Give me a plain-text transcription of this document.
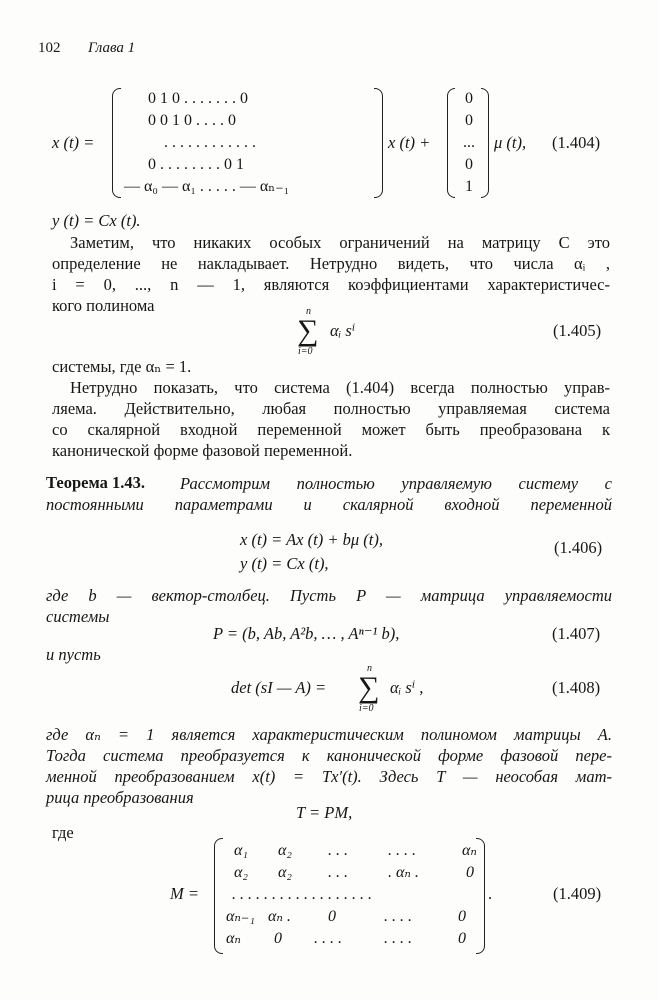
102 Глава 1
x (t) =
0 1 0 . . . . . . . 0
0 0 1 0 . . . . 0
. . . . . . . . . . . .
0 . . . . . . . . 0 1
— α₀ — α₁ . . . . . — αₙ₋₁
x (t) +
0
0
...
0
1
μ (t), (1.404)
y (t) = Cx (t).
Заметим, что никаких особых ограничений на матрицу C это
определение не накладывает. Нетрудно видеть, что числа αᵢ ,
i = 0, ..., n — 1, являются коэффициентами характеристичес-
кого полинома	n
∑
i=0
αᵢ sⁱ	(1.405)
системы, где αₙ = 1.
Нетрудно показать, что система (1.404) всегда полностью управ-
ляема. Действительно, любая полностью управляемая система
со скалярной входной переменной может быть преобразована к
канонической форме фазовой переменной.
Теорема 1.43.	Рассмотрим полностью управляемую систему с
постоянными параметрами и скалярной входной переменной
x (t) = Ax (t) + bμ (t),
y (t) = Cx (t),
(1.406)
где b — вектор-столбец. Пусть P — матрица управляемости
системы
P = (b, Ab, A²b, … , Aⁿ⁻¹ b),	(1.407)
и пусть
det (sI — A) =
n
∑
i=0
αᵢ sⁱ ,	(1.408)
где αₙ = 1 является характеристическим полиномом матрицы A.
Тогда система преобразуется к канонической форме фазовой пере-
менной преобразованием x(t) = Tx′(t). Здесь T — неособая мат-
рица преобразования
T = PM,
где
M =
α₁ α₂ . . .	. . . .	αₙ
α₂ α₂ . . .	. αₙ .	0
. . . . . . . . . . . . . . . . . .
αₙ₋₁ αₙ . 0	. . . .	0
αₙ 0 . . . .	. . . .	0
.	(1.409)
